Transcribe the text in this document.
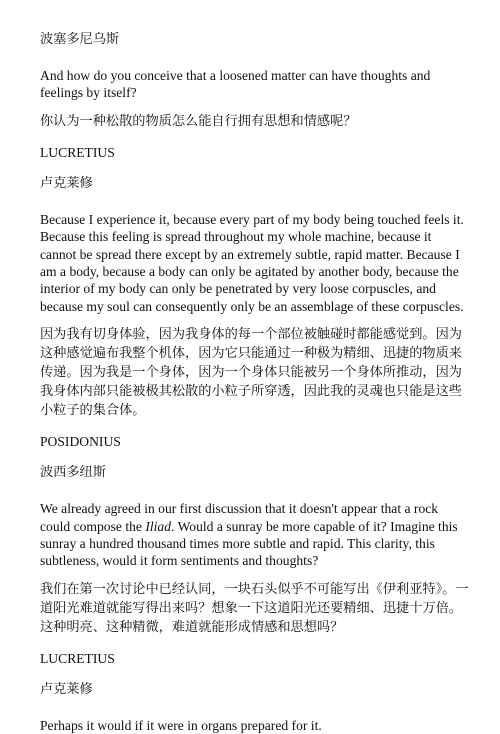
波塞多尼乌斯

And how do you conceive that a loosened matter can have thoughts and feelings by itself?

你认为一种松散的物质怎么能自行拥有思想和情感呢？

LUCRETIUS

卢克莱修

Because I experience it, because every part of my body being touched feels it. Because this feeling is spread throughout my whole machine, because it cannot be spread there except by an extremely subtle, rapid matter. Because I am a body, because a body can only be agitated by another body, because the interior of my body can only be penetrated by very loose corpuscles, and because my soul can consequently only be an assemblage of these corpuscles.

因为我有切身体验，因为我身体的每一个部位被触碰时都能感觉到。因为这种感觉遍布我整个机体，因为它只能通过一种极为精细、迅捷的物质来传递。因为我是一个身体，因为一个身体只能被另一个身体所推动，因为我身体内部只能被极其松散的小粒子所穿透，因此我的灵魂也只能是这些小粒子的集合体。

POSIDONIUS

波西多纽斯

We already agreed in our first discussion that it doesn't appear that a rock could compose the Iliad. Would a sunray be more capable of it? Imagine this sunray a hundred thousand times more subtle and rapid. This clarity, this subtleness, would it form sentiments and thoughts?

我们在第一次讨论中已经认同，一块石头似乎不可能写出《伊利亚特》。一道阳光难道就能写得出来吗？想象一下这道阳光还要精细、迅捷十万倍。这种明亮、这种精微，难道就能形成情感和思想吗？

LUCRETIUS

卢克莱修

Perhaps it would if it were in organs prepared for it.
